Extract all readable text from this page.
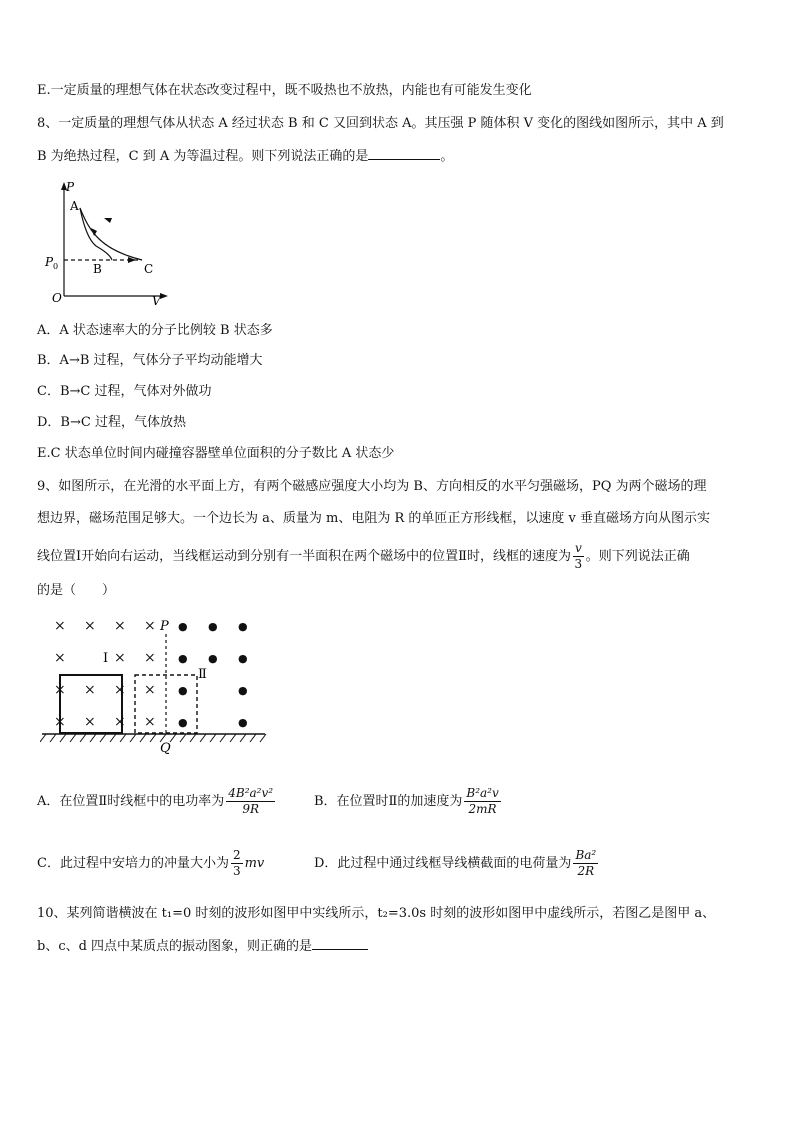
E.一定质量的理想气体在状态改变过程中，既不吸热也不放热，内能也有可能发生变化
8、一定质量的理想气体从状态 A 经过状态 B 和 C 又回到状态 A。其压强 P 随体积 V 变化的图线如图所示，其中 A 到
B 为绝热过程，C 到 A 为等温过程。则下列说法正确的是	。
P
V
O
P 0
A
B	C
A．A 状态速率大的分子比例较 B 状态多
B．A→B 过程，气体分子平均动能增大
C．B→C 过程，气体对外做功
D．B→C 过程，气体放热
E.C 状态单位时间内碰撞容器壁单位面积的分子数比 A 状态少
9、如图所示，在光滑的水平面上方，有两个磁感应强度大小均为 B、方向相反的水平匀强磁场，PQ 为两个磁场的理
想边界，磁场范围足够大。一个边长为 a、质量为 m、电阻为 R 的单匝正方形线框，以速度 v 垂直磁场方向从图示实
线位置Ⅰ开始向右运动，当线框运动到分别有一半面积在两个磁场中的位置Ⅱ时，线框的速度为 $\frac{v}{3}$ 。则下列说法正确
的是（　　）
× × × ×
×	× ×
× × × ×
× × × ×
● ● ●
● ● ●
●	●
●	●
P
Ⅰ
Ⅱ
Q
A．在位置Ⅱ时线框中的电功率为 $\frac{\text{4B²a²v²}}{9R}$	B．在位置时Ⅱ的加速度为 $\frac{\text{B²a²v}}{2mR}$
C．此过程中安培力的冲量大小为 $\frac{2}{3}$ mv	D．此过程中通过线框导线横截面的电荷量为 $\frac{\text{Ba²}}{2R}$
10、某列简谐横波在 t₁=0 时刻的波形如图甲中实线所示，t₂=3.0s 时刻的波形如图甲中虚线所示，若图乙是图甲 a、
b、c、d 四点中某质点的振动图象，则正确的是
